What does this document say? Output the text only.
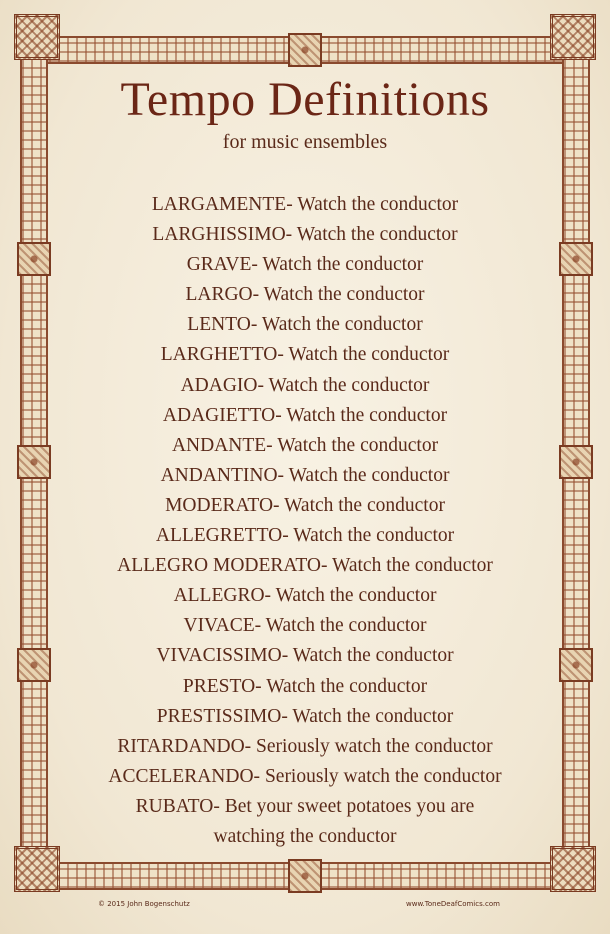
Tempo Definitions
for music ensembles
LARGAMENTE- Watch the conductor
LARGHISSIMO- Watch the conductor
GRAVE- Watch the conductor
LARGO- Watch the conductor
LENTO- Watch the conductor
LARGHETTO- Watch the conductor
ADAGIO- Watch the conductor
ADAGIETTO- Watch the conductor
ANDANTE- Watch the conductor
ANDANTINO- Watch the conductor
MODERATO- Watch the conductor
ALLEGRETTO- Watch the conductor
ALLEGRO MODERATO- Watch the conductor
ALLEGRO- Watch the conductor
VIVACE- Watch the conductor
VIVACISSIMO- Watch the conductor
PRESTO- Watch the conductor
PRESTISSIMO- Watch the conductor
RITARDANDO- Seriously watch the conductor
ACCELERANDO- Seriously watch the conductor
RUBATO- Bet your sweet potatoes you are watching the conductor
© 2015 John Bogenschutz	www.ToneDeafComics.com
